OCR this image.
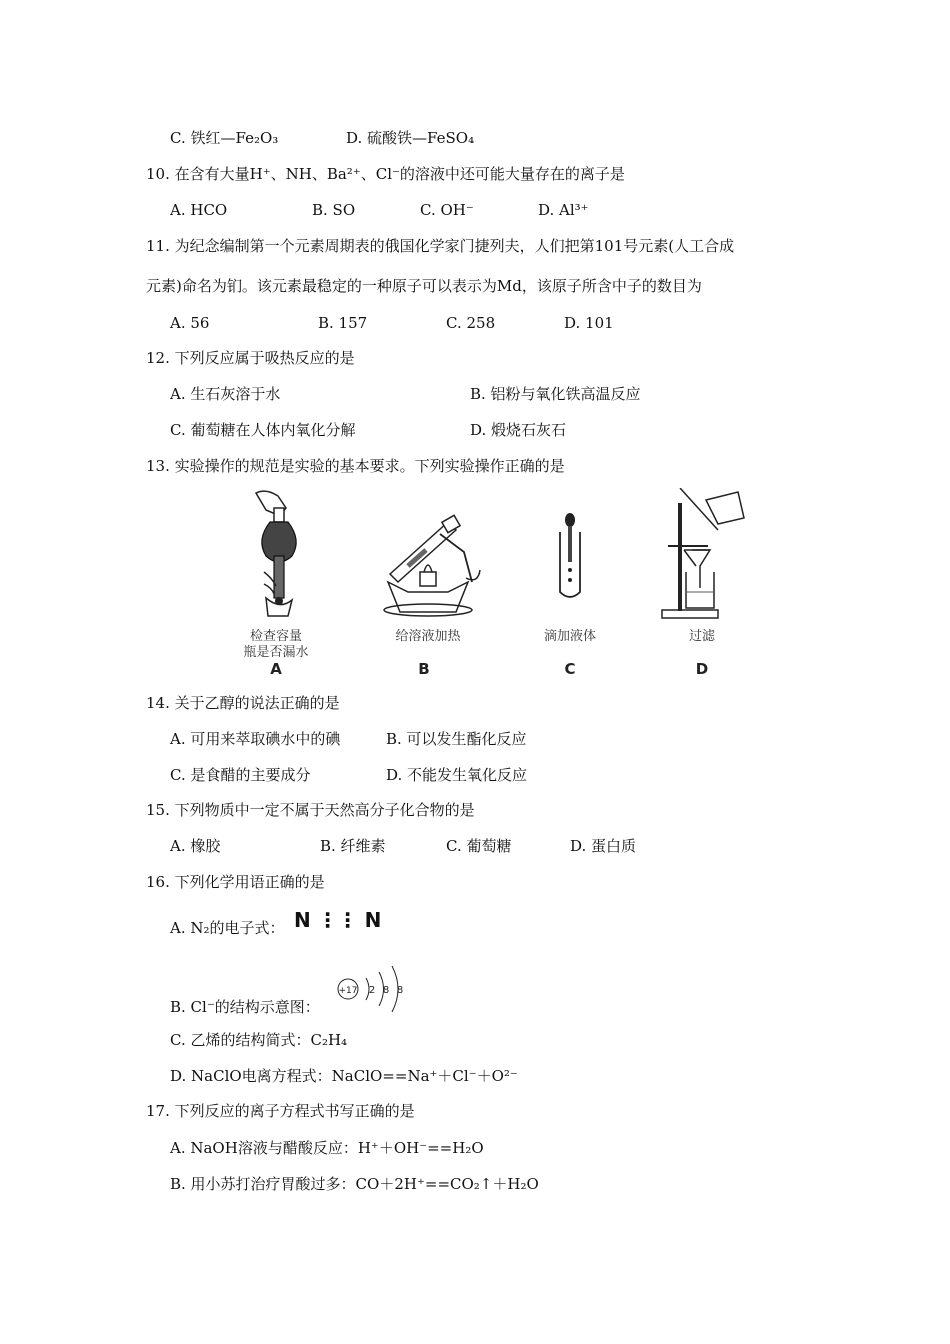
C. 铁红—Fe₂O₃	D. 硫酸铁—FeSO₄
10. 在含有大量H⁺、NH、Ba²⁺、Cl⁻的溶液中还可能大量存在的离子是
A. HCO	B. SO	C. OH⁻	D. Al³⁺
11. 为纪念编制第一个元素周期表的俄国化学家门捷列夫，人们把第101号元素(人工合成
元素)命名为钔。该元素最稳定的一种原子可以表示为Md，该原子所含中子的数目为
A. 56	B. 157	C. 258	D. 101
12. 下列反应属于吸热反应的是
A. 生石灰溶于水	B. 铝粉与氧化铁高温反应
C. 葡萄糖在人体内氧化分解	D. 煅烧石灰石
13. 实验操作的规范是实验的基本要求。下列实验操作正确的是
检查容量
瓶是否漏水
A
给溶液加热
B
滴加液体
C
过滤
D
14. 关于乙醇的说法正确的是
A. 可用来萃取碘水中的碘	B. 可以发生酯化反应
C. 是食醋的主要成分	D. 不能发生氧化反应
15. 下列物质中一定不属于天然高分子化合物的是
A. 橡胶	B. 纤维素	C. 葡萄糖	D. 蛋白质
16. 下列化学用语正确的是
A. N₂的电子式： N ⋮⋮ N
B. Cl⁻的结构示意图：
+17 2 8 8
C. 乙烯的结构简式：C₂H₄
D. NaClO电离方程式：NaClO==Na⁺＋Cl⁻＋O²⁻
17. 下列反应的离子方程式书写正确的是
A. NaOH溶液与醋酸反应：H⁺＋OH⁻==H₂O
B. 用小苏打治疗胃酸过多：CO＋2H⁺==CO₂↑＋H₂O
